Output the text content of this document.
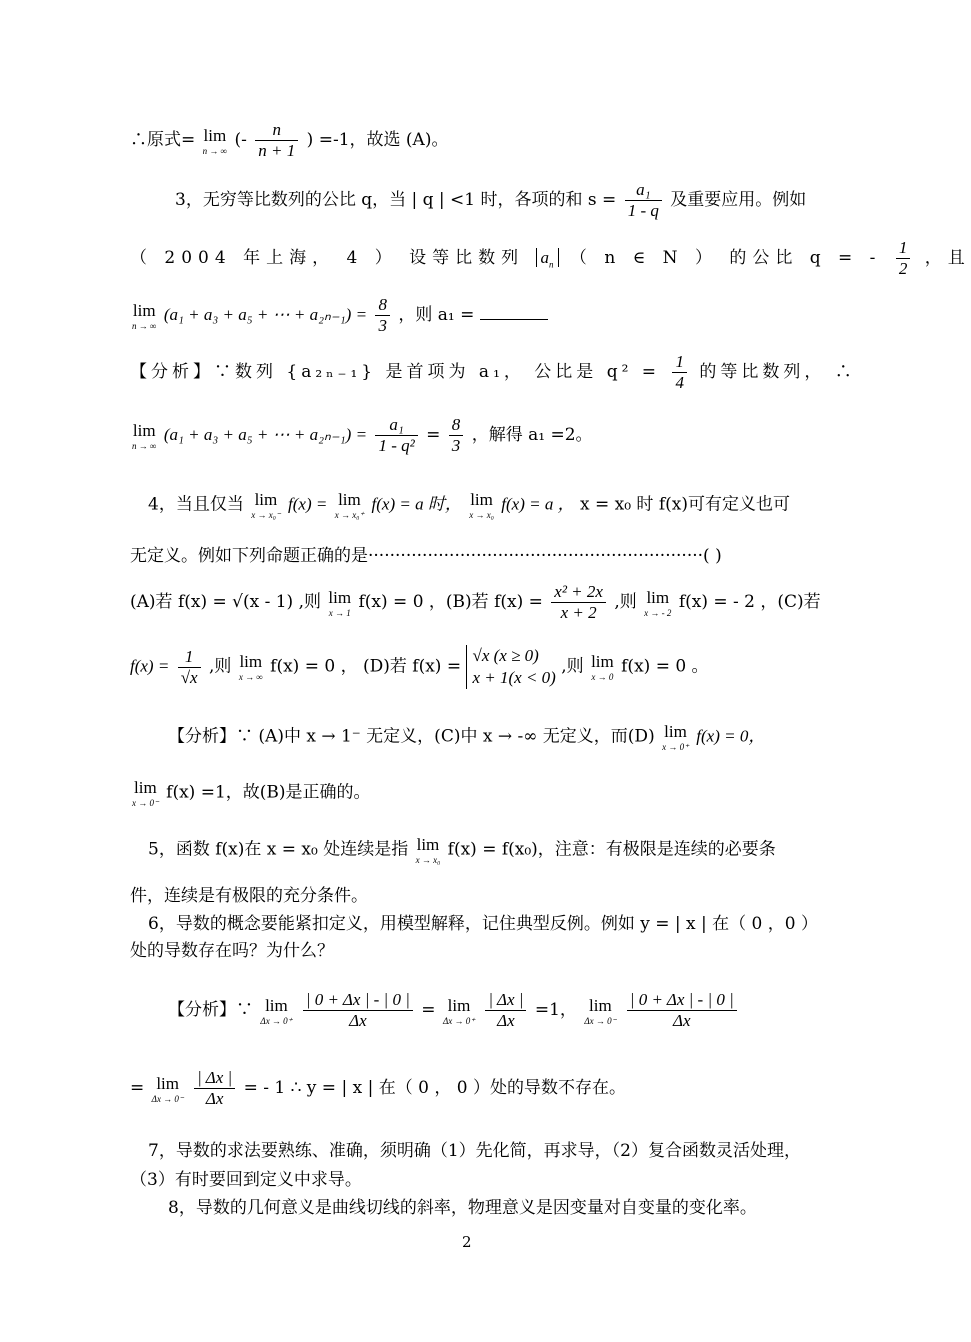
∴原式= lim
n → ∞
(- $\frac{n}{n + 1}$ ) =-1，故选 (A)。
3，无穷等比数列的公比 q，当 | q | <1 时，各项的和 $s = \frac{\text{a₁}}{1 - q}$ 及重要应用。例如
（ 2004 年上海， 4 ） 设等比数列 $a_n$ （ n ∈ N ） 的公比 q = - $\frac{1}{2}$ ，且
lim
n → ∞
(a₁ + a₃ + a₅ + ⋯ + $a_{2n-1}) = \frac{8}{3}$ ，则 a₁ =
【分析】∵数列 {a₂ₙ₋₁} 是首项为 a₁， 公比是 $q^2 = \frac{1}{4}$ 的等比数列， ∴
lim
n → ∞
(a₁ + a₃ + a₅ + ⋯ + $a_{2n-1}) = \frac{\text{a₁}}{\text{1 - q²}} = \frac{8}{3}$ ，解得 a₁ =2。
4，当且仅当 lim
x → x₀⁻
f(x) = lim
x → x₀⁺
f(x) = a 时， lim
x → x₀
f(x) = a ， x = x₀ 时 f(x)可有定义也可
无定义。例如下列命题正确的是······························································( )
(A)若 f(x) = √(x - 1) ,则 lim
x → 1
f(x) = 0 ，(B)若 $f(x) = \frac{\text{x² + 2x}}{x + 2}$ ,则 lim
x → - 2
f(x) = - 2 ，(C)若
$f(x) = \frac{1}{√x}$ ,则 lim
x → ∞
f(x) = 0 ， (D)若 f(x) =
√x (x ≥ 0)
x + 1(x < 0)
,则 lim
x → 0
f(x) = 0 。
【分析】∵ (A)中 x → 1⁻ 无定义，(C)中 x → -∞ 无定义，而(D) lim
x → 0⁺
f(x) = 0，
lim
x → 0⁻
f(x) =1，故(B)是正确的。
5，函数 f(x)在 x = x₀ 处连续是指 lim
x → x₀
f(x) = f(x₀)，注意：有极限是连续的必要条
件，连续是有极限的充分条件。
6，导数的概念要能紧扣定义，用模型解释，记住典型反例。例如 y = | x | 在（ 0 ，0 ）
处的导数存在吗？为什么？
【分析】∵ lim
Δx → 0⁺
$\frac{| 0 + \Delta x | - | 0 |}{\Delta x} = \lim$
Δx → 0⁺
$\frac{| \Delta x |}{\Delta x} =1$， lim
Δx → 0⁻
$\frac{| 0 + \Delta x | - | 0 |}{\Delta x}$
= lim
Δx → 0⁻
$\frac{| \Delta x |}{\Delta x}$ = - 1 ∴ y = | x | 在（ 0 ， 0 ）处的导数不存在。
7，导数的求法要熟练、准确，须明确（1）先化简，再求导，（2）复合函数灵活处理，
（3）有时要回到定义中求导。
8，导数的几何意义是曲线切线的斜率，物理意义是因变量对自变量的变化率。
2
